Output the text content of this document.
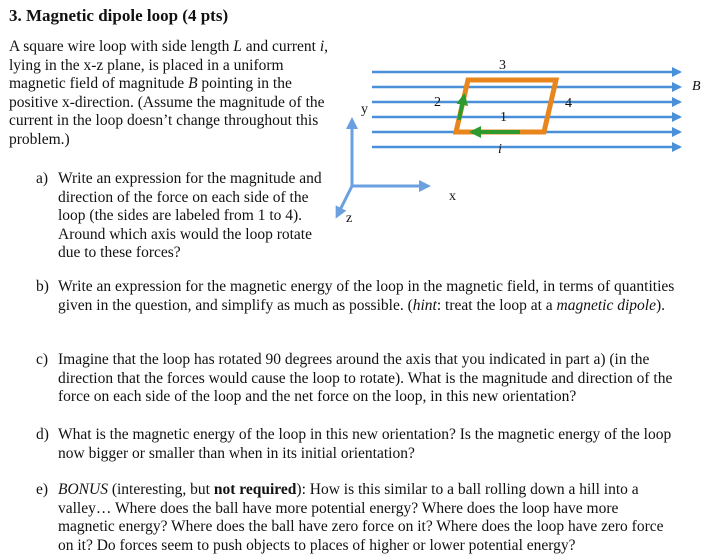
3. Magnetic dipole loop (4 pts)

A square wire loop with side length L and current i, lying in the x-z plane, is placed in a uniform magnetic field of magnitude B pointing in the positive x-direction. (Assume the magnitude of the current in the loop doesn’t change throughout this problem.)

B
3
2	4
1
i
y
x
z
a) Write an expression for the magnitude and direction of the force on each side of the loop (the sides are labeled from 1 to 4). Around which axis would the loop rotate due to these forces?
b) Write an expression for the magnetic energy of the loop in the magnetic field, in terms of quantities given in the question, and simplify as much as possible. (hint: treat the loop at a magnetic dipole).
c) Imagine that the loop has rotated 90 degrees around the axis that you indicated in part a) (in the direction that the forces would cause the loop to rotate). What is the magnitude and direction of the force on each side of the loop and the net force on the loop, in this new orientation?
d) What is the magnetic energy of the loop in this new orientation? Is the magnetic energy of the loop now bigger or smaller than when in its initial orientation?
e) BONUS (interesting, but not required): How is this similar to a ball rolling down a hill into a valley… Where does the ball have more potential energy? Where does the loop have more magnetic energy? Where does the ball have zero force on it? Where does the loop have zero force on it? Do forces seem to push objects to places of higher or lower potential energy?
